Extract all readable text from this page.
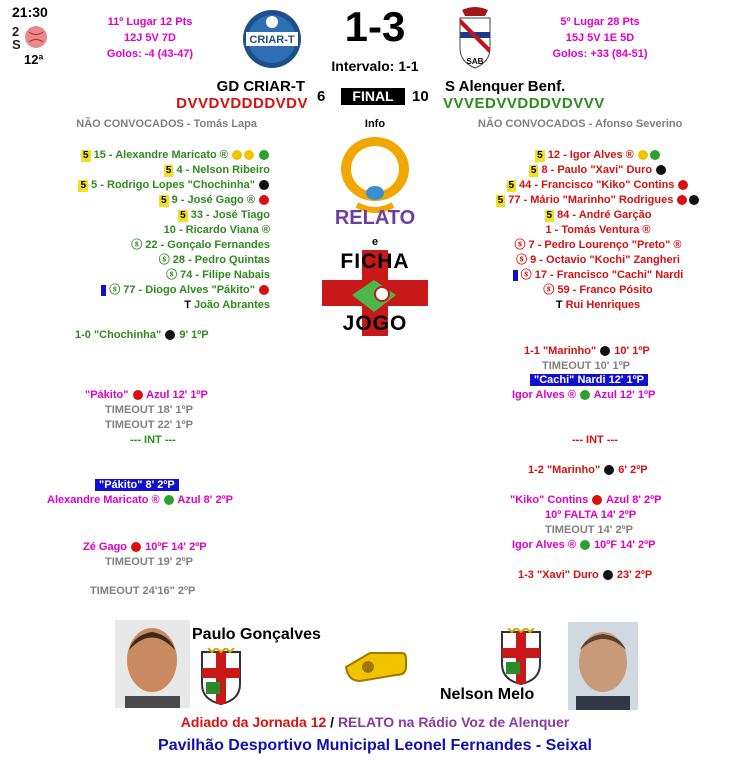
21:30
2
S
12ª
11º Lugar 12 Pts
12J 5V 7D
Golos: -4 (43-47)
CRIAR-T	1-3
Intervalo: 1-1	SAB
5º Lugar 28 Pts
15J 5V 1E 5D
Golos: +33 (84-51)
GD CRIAR-T
DVVDVDDDDVDV 6	FINAL	10
S Alenquer Benf.
VVVEDVVDDDVDVVV
NÃO CONVOCADOS - Tomás Lapa	NÃO CONVOCADOS - Afonso Severino
5 15 - Alexandre Maricato ®
5 4 - Nelson Ribeiro
5 5 - Rodrigo Lopes "Chochinha"
5 9 - José Gago ®
5 33 - José Tiago
10 - Ricardo Viana ®
ⓢ 22 - Gonçalo Fernandes
ⓢ 28 - Pedro Quintas
ⓢ 74 - Filipe Nabais
ⓢ 77 - Diogo Alves "Pákito"
T João Abrantes
5 12 - Igor Alves ®
5 8 - Paulo "Xavi" Duro
5 44 - Francisco "Kiko" Contins
5 77 - Mário "Marinho" Rodrigues
5 84 - André Garção
1 - Tomás Ventura ®
ⓢ 7 - Pedro Lourenço "Preto" ®
ⓢ 9 - Octavio "Kochi" Zangheri
ⓢ 17 - Francisco "Cachi" Nardi
ⓢ 59 - Franco Pósito
T Rui Henriques
Info
RELATO
e
FICHA
JOGO
1-0 "Chochinha" 9' 1ºP
"Pákito" Azul 12' 1ºP
TIMEOUT 18' 1ºP
TIMEOUT 22' 1ºP
--- INT ---
"Pákito" 8' 2ºP
Alexandre Maricato ® Azul 8' 2ºP
Zé Gago 10ºF 14' 2ºP
TIMEOUT 19' 2ºP
TIMEOUT 24'16" 2ºP
1-1 "Marinho" 10' 1ºP
TIMEOUT 10' 1ºP
"Cachi" Nardi 12' 1ºP
Igor Alves ® Azul 12' 1ºP
--- INT ---
1-2 "Marinho" 6' 2ºP
"Kiko" Contins Azul 8' 2ºP
10º FALTA 14' 2ºP
TIMEOUT 14' 2ºP
Igor Alves ® 10ºF 14' 2ºP
1-3 "Xavi" Duro 23' 2ºP
Paulo Gonçalves
Nelson Melo
Adiado da Jornada 12 / RELATO na Rádio Voz de Alenquer
Pavilhão Desportivo Municipal Leonel Fernandes - Seixal
